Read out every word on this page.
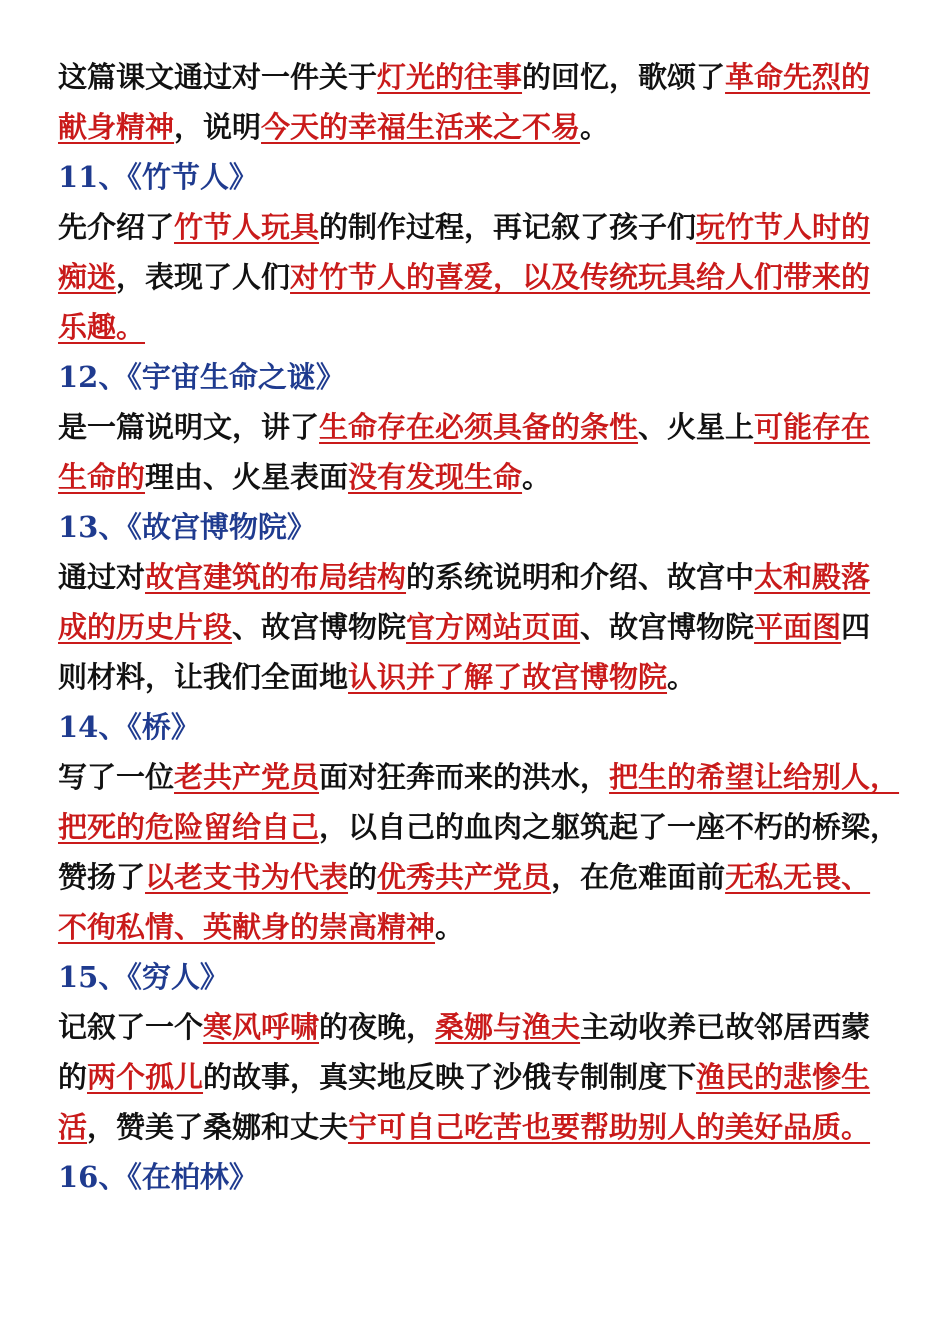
这篇课文通过对一件关于灯光的往事的回忆，歌颂了革命先烈的
献身精神，说明今天的幸福生活来之不易。
11、《竹节人》
先介绍了竹节人玩具的制作过程，再记叙了孩子们玩竹节人时的
痴迷，表现了人们对竹节人的喜爱，以及传统玩具给人们带来的
乐趣。
12、《宇宙生命之谜》
是一篇说明文，讲了生命存在必须具备的条性、火星上可能存在
生命的理由、火星表面没有发现生命。
13、《故宫博物院》
通过对故宫建筑的布局结构的系统说明和介绍、故宫中太和殿落
成的历史片段、故宫博物院官方网站页面、故宫博物院平面图四
则材料，让我们全面地认识并了解了故宫博物院。
14、《桥》
写了一位老共产党员面对狂奔而来的洪水，把生的希望让给别人，
把死的危险留给自己，以自己的血肉之躯筑起了一座不朽的桥梁，
赞扬了以老支书为代表的优秀共产党员，在危难面前无私无畏、
不徇私情、英献身的崇高精神。
15、《穷人》
记叙了一个寒风呼啸的夜晚，桑娜与渔夫主动收养已故邻居西蒙
的两个孤儿的故事，真实地反映了沙俄专制制度下渔民的悲惨生
活，赞美了桑娜和丈夫宁可自己吃苦也要帮助别人的美好品质。
16、《在柏林》
